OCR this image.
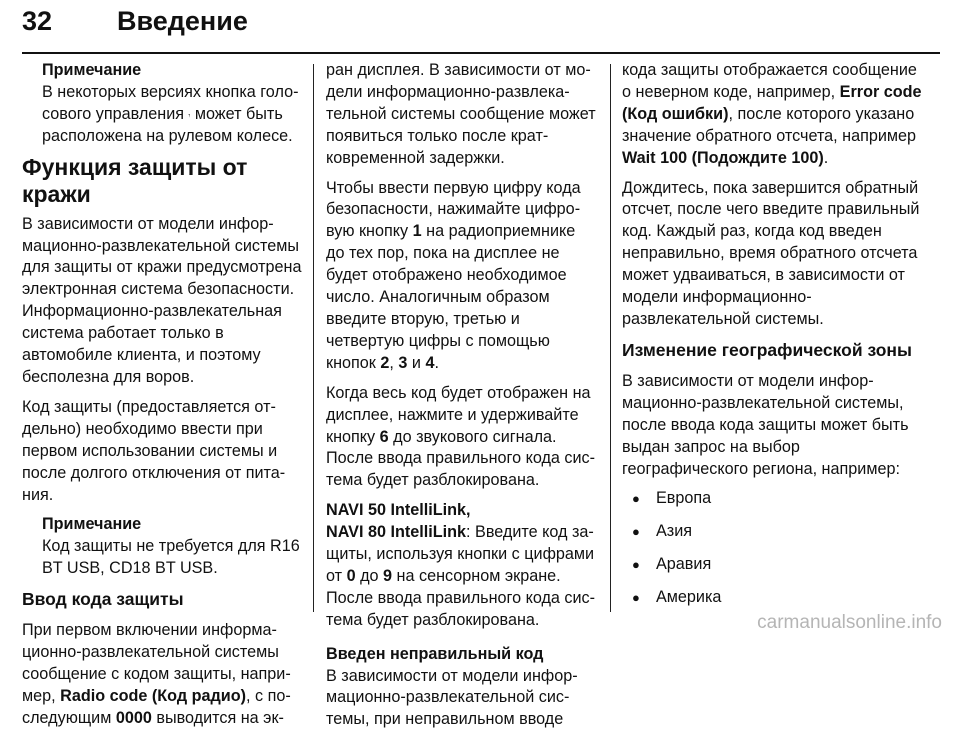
32 Введение
Примечание
В некоторых версиях кнопка голосового управления 𝆟 может быть расположена на рулевом колесе.
Функция защиты от кражи

В зависимости от модели информационно-развлекательной системы для защиты от кражи предусмотрена электронная система безопасности. Информационно-развлекательная система работает только в автомобиле клиента, и поэтому бесполезна для воров.

Код защиты (предоставляется отдельно) необходимо ввести при первом использовании системы и после долгого отключения от питания.

Примечание
Код защиты не требуется для R16 BT USB, CD18 BT USB.
Ввод кода защиты

При первом включении информационно-развлекательной системы сообщение с кодом защиты, например, Radio code (Код радио), с последующим 0000 выводится на эк-

ран дисплея. В зависимости от модели информационно-развлекательной системы сообщение может появиться только после кратковременной задержки.

Чтобы ввести первую цифру кода безопасности, нажимайте цифровую кнопку 1 на радиоприемнике до тех пор, пока на дисплее не будет отображено необходимое число. Аналогичным образом введите вторую, третью и четвертую цифры с помощью кнопок 2, 3 и 4.

Когда весь код будет отображен на дисплее, нажмите и удерживайте кнопку 6 до звукового сигнала. После ввода правильного кода система будет разблокирована.

NAVI 50 IntelliLink,
NAVI 80 IntelliLink: Введите код защиты, используя кнопки с цифрами от 0 до 9 на сенсорном экране. После ввода правильного кода система будет разблокирована.

Введен неправильный код

В зависимости от модели информационно-развлекательной системы, при неправильном вводе

кода защиты отображается сообщение о неверном коде, например, Error code (Код ошибки), после которого указано значение обратного отсчета, например Wait 100 (Подождите 100).

Дождитесь, пока завершится обратный отсчет, после чего введите правильный код. Каждый раз, когда код введен неправильно, время обратного отсчета может удваиваться, в зависимости от модели информационно-развлекательной системы.

Изменение географической зоны

В зависимости от модели информационно-развлекательной системы, после ввода кода защиты может быть выдан запрос на выбор географического региона, например:

● Европа
● Азия
● Аравия
● Америка
carmanualsonline.info
